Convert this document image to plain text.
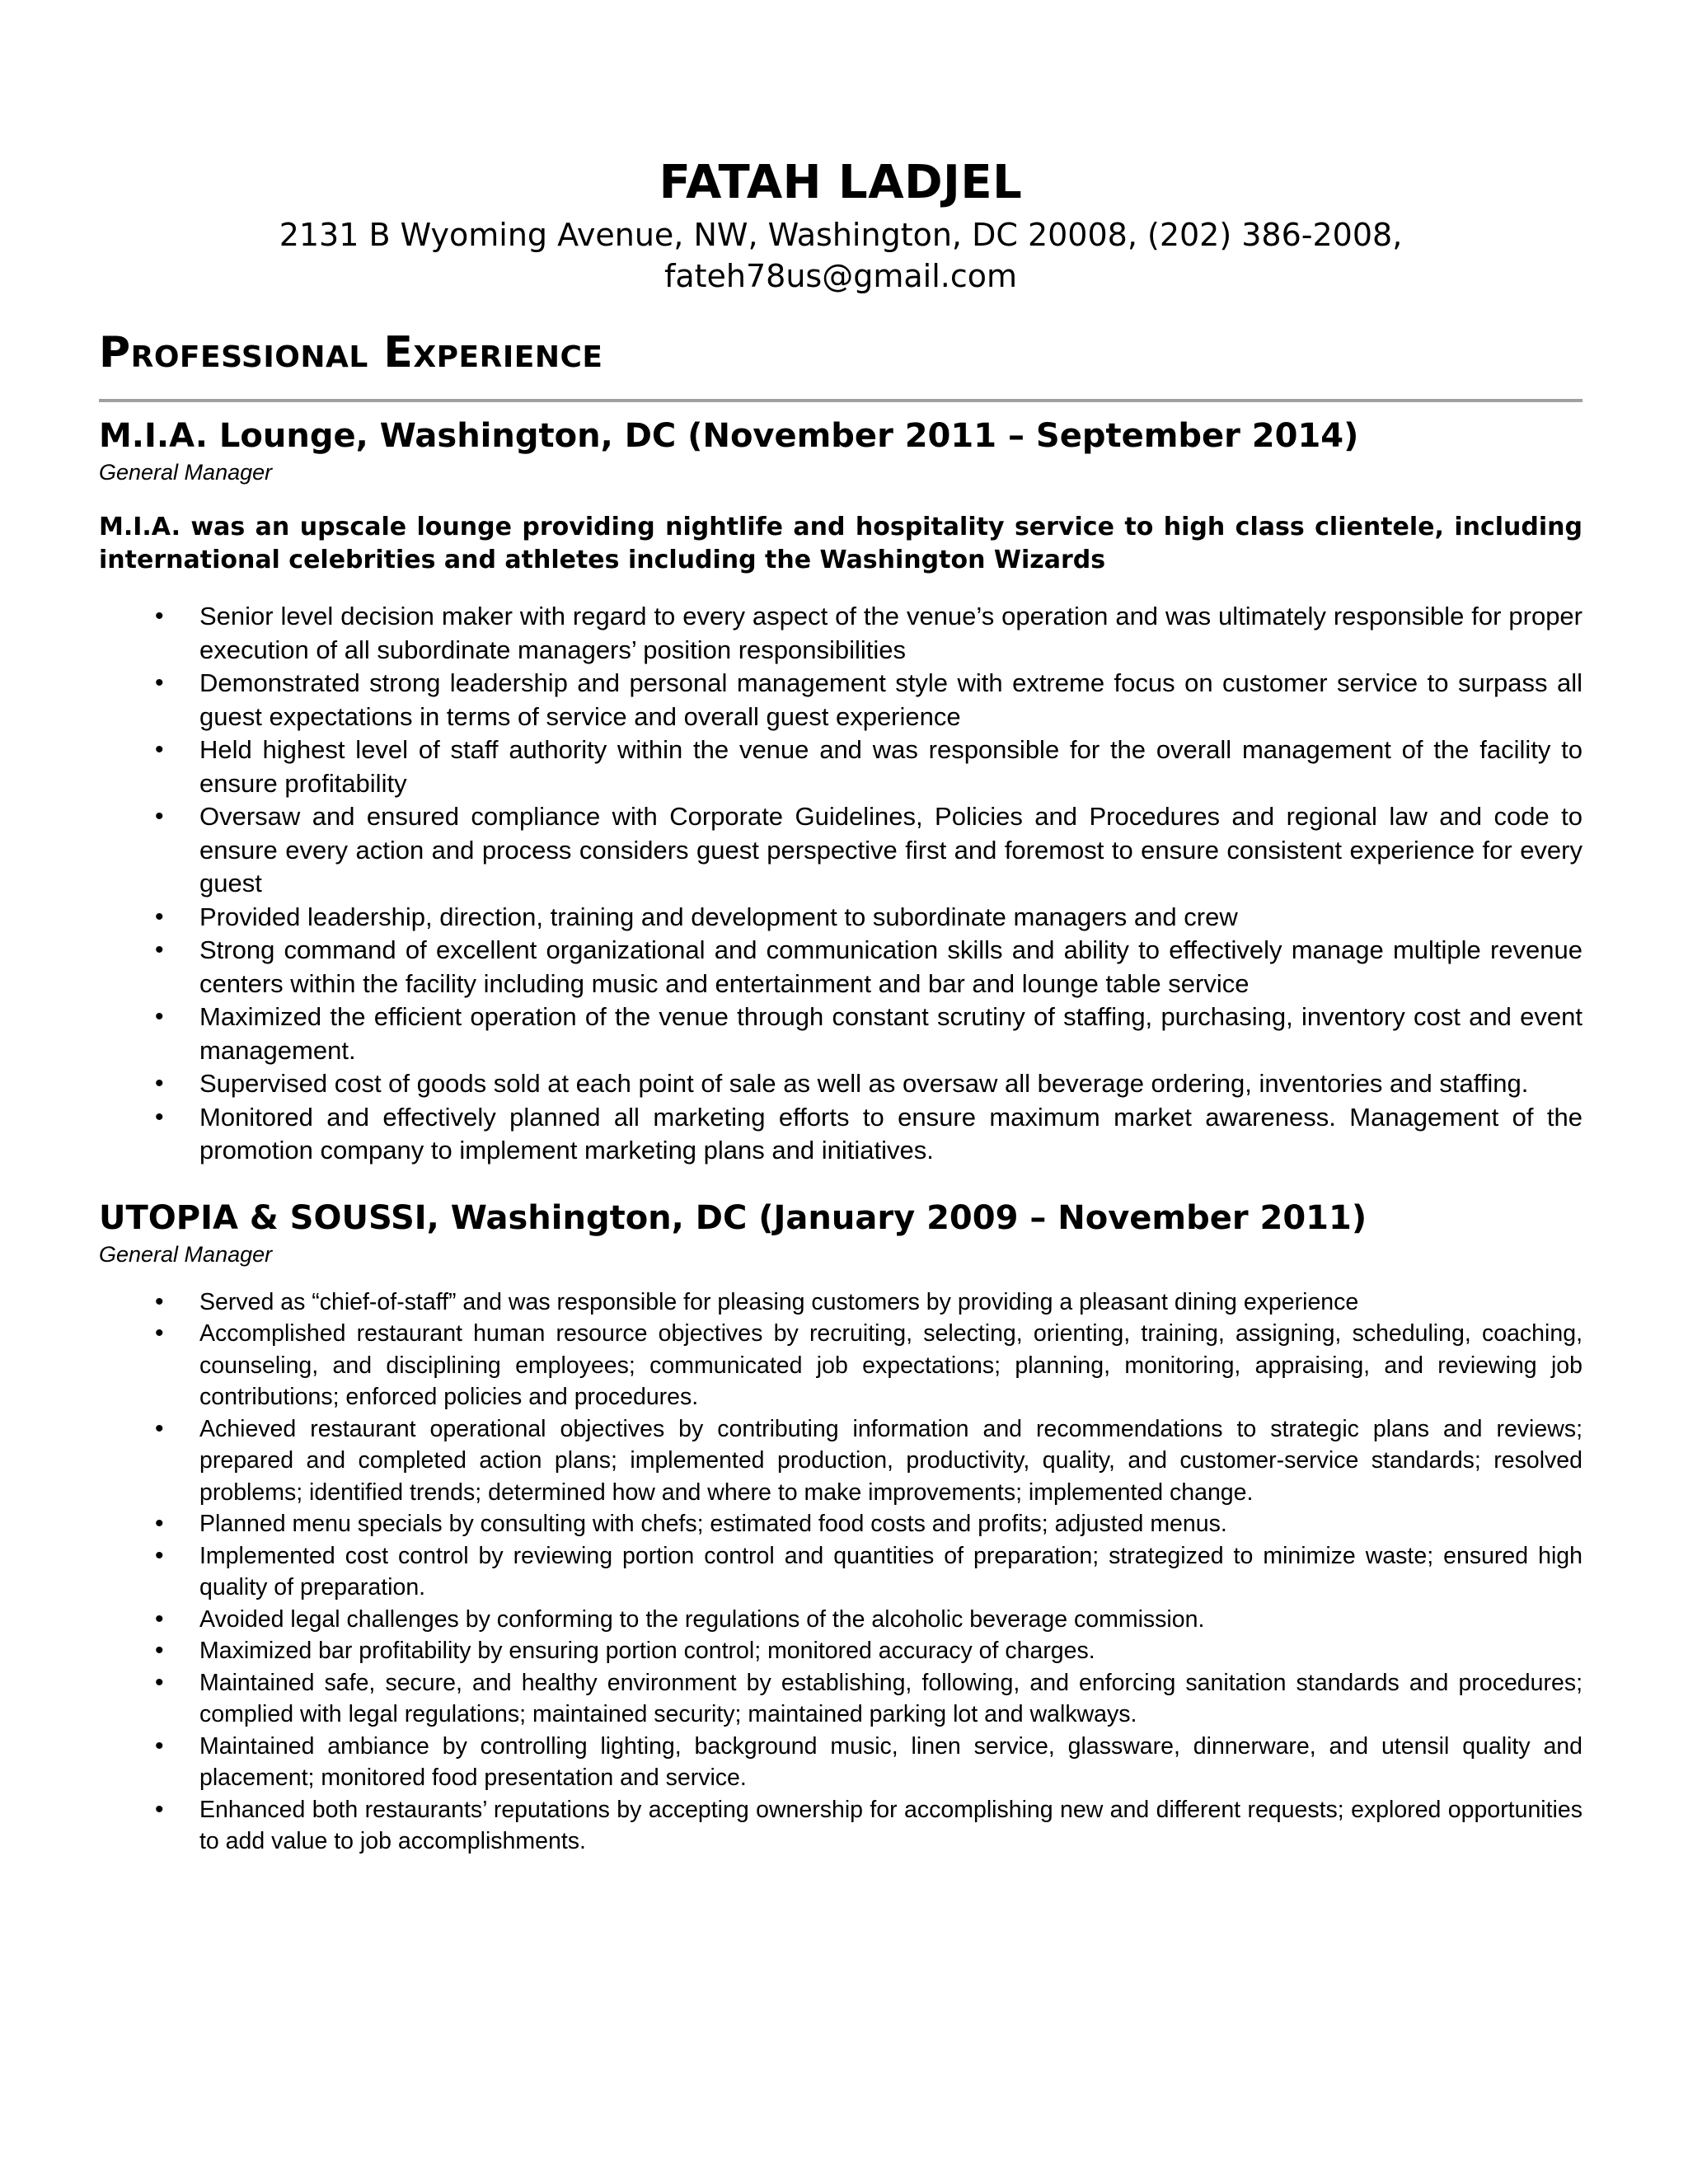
FATAH LADJEL

2131 B Wyoming Avenue, NW, Washington, DC 20008, (202) 386-2008, fateh78us@gmail.com

Professional Experience
M.I.A. Lounge, Washington, DC (November 2011 – September 2014)
General Manager
M.I.A. was an upscale lounge providing nightlife and hospitality service to high class clientele, including international celebrities and athletes including the Washington Wizards
• Senior level decision maker with regard to every aspect of the venue’s operation and was ultimately responsible for proper execution of all subordinate managers’ position responsibilities
• Demonstrated strong leadership and personal management style with extreme focus on customer service to surpass all guest expectations in terms of service and overall guest experience
• Held highest level of staff authority within the venue and was responsible for the overall management of the facility to ensure profitability
• Oversaw and ensured compliance with Corporate Guidelines, Policies and Procedures and regional law and code to ensure every action and process considers guest perspective first and foremost to ensure consistent experience for every guest
• Provided leadership, direction, training and development to subordinate managers and crew
• Strong command of excellent organizational and communication skills and ability to effectively manage multiple revenue centers within the facility including music and entertainment and bar and lounge table service
• Maximized the efficient operation of the venue through constant scrutiny of staffing, purchasing, inventory cost and event management.
• Supervised cost of goods sold at each point of sale as well as oversaw all beverage ordering, inventories and staffing.
• Monitored and effectively planned all marketing efforts to ensure maximum market awareness. Management of the promotion company to implement marketing plans and initiatives.
UTOPIA & SOUSSI, Washington, DC (January 2009 – November 2011)
General Manager
• Served as “chief-of-staff” and was responsible for pleasing customers by providing a pleasant dining experience
• Accomplished restaurant human resource objectives by recruiting, selecting, orienting, training, assigning, scheduling, coaching, counseling, and disciplining employees; communicated job expectations; planning, monitoring, appraising, and reviewing job contributions; enforced policies and procedures.
• Achieved restaurant operational objectives by contributing information and recommendations to strategic plans and reviews; prepared and completed action plans; implemented production, productivity, quality, and customer-service standards; resolved problems; identified trends; determined how and where to make improvements; implemented change.
• Planned menu specials by consulting with chefs; estimated food costs and profits; adjusted menus.
• Implemented cost control by reviewing portion control and quantities of preparation; strategized to minimize waste; ensured high quality of preparation.
• Avoided legal challenges by conforming to the regulations of the alcoholic beverage commission.
• Maximized bar profitability by ensuring portion control; monitored accuracy of charges.
• Maintained safe, secure, and healthy environment by establishing, following, and enforcing sanitation standards and procedures; complied with legal regulations; maintained security; maintained parking lot and walkways.
• Maintained ambiance by controlling lighting, background music, linen service, glassware, dinnerware, and utensil quality and placement; monitored food presentation and service.
• Enhanced both restaurants’ reputations by accepting ownership for accomplishing new and different requests; explored opportunities to add value to job accomplishments.
